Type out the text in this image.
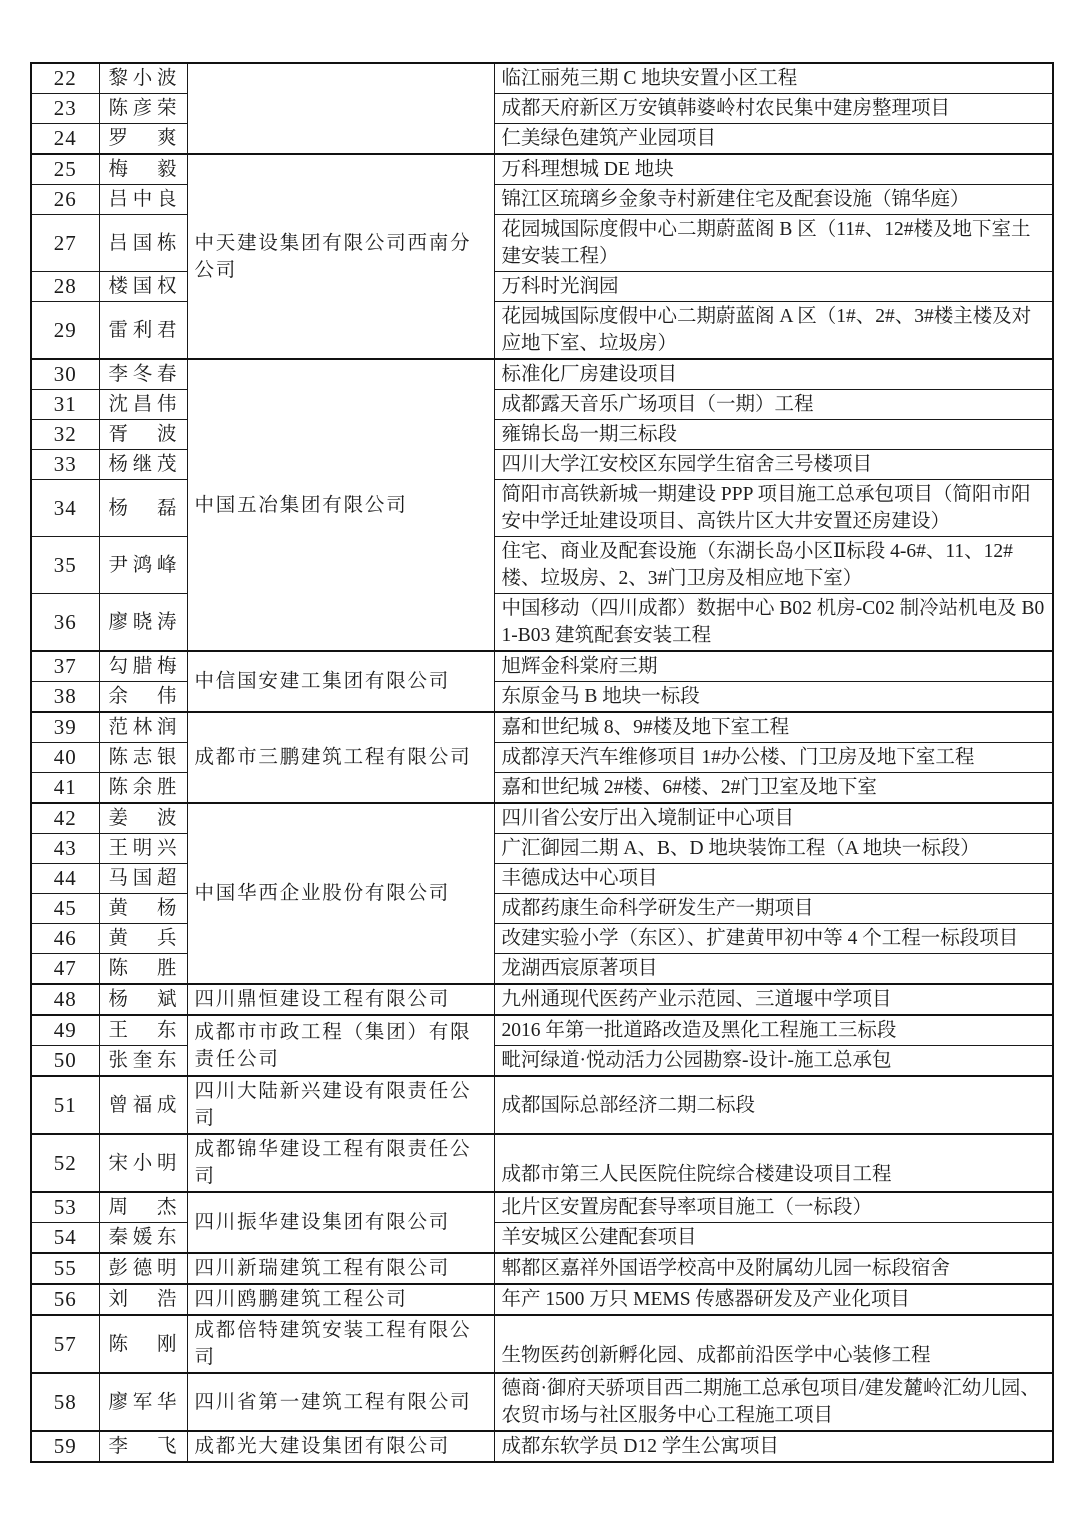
22	黎小波		临江丽苑三期 C 地块安置小区工程
23	陈彦荣		成都天府新区万安镇韩婆岭村农民集中建房整理项目
24	罗　爽		仁美绿色建筑产业园项目
25	梅　毅	中天建设集团有限公司西南分公司	万科理想城 DE 地块
26	吕中良		锦江区琉璃乡金象寺村新建住宅及配套设施（锦华庭）
27	吕国栋		花园城国际度假中心二期蔚蓝阁 B 区（11#、12#楼及地下室土建安装工程）
28	楼国权		万科时光润园
29	雷利君		花园城国际度假中心二期蔚蓝阁 A 区（1#、2#、3#楼主楼及对应地下室、垃圾房）
30	李冬春	中国五冶集团有限公司	标准化厂房建设项目
31	沈昌伟		成都露天音乐广场项目（一期）工程
32	胥　波		雍锦长岛一期三标段
33	杨继茂		四川大学江安校区东园学生宿舍三号楼项目
34	杨　磊		简阳市高铁新城一期建设 PPP 项目施工总承包项目（简阳市阳安中学迁址建设项目、高铁片区大井安置还房建设）
35	尹鸿峰		住宅、商业及配套设施（东湖长岛小区Ⅱ标段 4-6#、11、12#楼、垃圾房、2、3#门卫房及相应地下室）
36	廖晓涛		中国移动（四川成都）数据中心 B02 机房-C02 制冷站机电及 B01-B03 建筑配套安装工程
37	勾腊梅	中信国安建工集团有限公司	旭辉金科棠府三期
38	余　伟		东原金马 B 地块一标段
39	范林润	成都市三鹏建筑工程有限公司	嘉和世纪城 8、9#楼及地下室工程
40	陈志银		成都淳天汽车维修项目 1#办公楼、门卫房及地下室工程
41	陈余胜		嘉和世纪城 2#楼、6#楼、2#门卫室及地下室
42	姜　波	中国华西企业股份有限公司	四川省公安厅出入境制证中心项目
43	王明兴		广汇御园二期 A、B、D 地块装饰工程（A 地块一标段）
44	马国超		丰德成达中心项目
45	黄　杨		成都药康生命科学研发生产一期项目
46	黄　兵		改建实验小学（东区）、扩建黄甲初中等 4 个工程一标段项目
47	陈　胜		龙湖西宸原著项目
48	杨　斌	四川鼎恒建设工程有限公司	九州通现代医药产业示范园、三道堰中学项目
49	王　东	成都市市政工程（集团）有限责任公司	2016 年第一批道路改造及黑化工程施工三标段
50	张奎东		毗河绿道·悦动活力公园勘察-设计-施工总承包
51	曾福成	四川大陆新兴建设有限责任公司	成都国际总部经济二期二标段
52	宋小明	成都锦华建设工程有限责任公司	成都市第三人民医院住院综合楼建设项目工程
53	周　杰	四川振华建设集团有限公司	北片区安置房配套导率项目施工（一标段）
54	秦媛东		羊安城区公建配套项目
55	彭德明	四川新瑞建筑工程有限公司	郫都区嘉祥外国语学校高中及附属幼儿园一标段宿舍
56	刘　浩	四川鸥鹏建筑工程公司	年产 1500 万只 MEMS 传感器研发及产业化项目
57	陈　刚	成都倍特建筑安装工程有限公司	生物医药创新孵化园、成都前沿医学中心装修工程
58	廖军华	四川省第一建筑工程有限公司	德商·御府天骄项目西二期施工总承包项目/建发麓岭汇幼儿园、农贸市场与社区服务中心工程施工项目
59	李　飞	成都光大建设集团有限公司	成都东软学员 D12 学生公寓项目
